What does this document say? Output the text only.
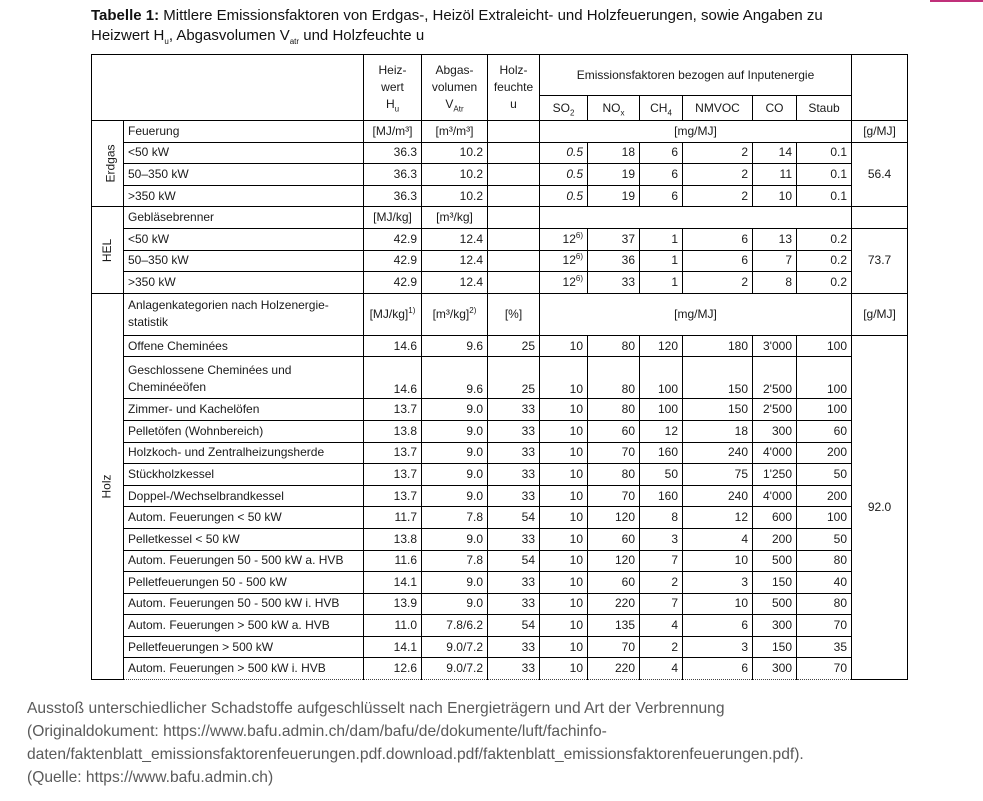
Tabelle 1: Mittlere Emissionsfaktoren von Erdgas-, Heizöl Extraleicht- und Holzfeuerungen, sowie Angaben zu
Heizwert $H_u$, Abgasvolumen $V_{atr}$ und Holzfeuchte u
		Heiz-
wert
$H_u$	Abgas-
volumen
$V_{Atr}$	Holz-
feuchte
u	Emissionsfaktoren bezogen auf Inputenergie						
					$SO_2$	$NO_x$	$CH_4$	NMVOC	CO	Staub	
Erdgas	Feuerung	[MJ/m³]	[m³/m³]		[mg/MJ]						[g/MJ]
	<50 kW	36.3	10.2		0.5	18	6	2	14	0.1	56.4
	50–350 kW	36.3	10.2		0.5	19	6	2	11	0.1	
	>350 kW	36.3	10.2		0.5	19	6	2	10	0.1	
HEL	Gebläsebrenner	[MJ/kg]	[m³/kg]								
	<50 kW	42.9	12.4		12$^{6)}$	37	1	6	13	0.2	73.7
	50–350 kW	42.9	12.4		12$^{6)}$	36	1	6	7	0.2	
	>350 kW	42.9	12.4		12$^{6)}$	33	1	2	8	0.2	
Holz	Anlagenkategorien nach Holzenergie-statistik	$[MJ/kg]^{1)}$	$[m^3/kg]^{2)}$	[%]	[mg/MJ]						[g/MJ]
	Offene Cheminées	14.6	9.6	25	10	80	120	180	3'000	100	92.0
	Geschlossene Cheminées und Cheminéeöfen	14.6	9.6	25	10	80	100	150	2'500	100	
	Zimmer- und Kachelöfen	13.7	9.0	33	10	80	100	150	2'500	100	
	Pelletöfen (Wohnbereich)	13.8	9.0	33	10	60	12	18	300	60	
	Holzkoch- und Zentralheizungsherde	13.7	9.0	33	10	70	160	240	4'000	200	
	Stückholzkessel	13.7	9.0	33	10	80	50	75	1'250	50	
	Doppel-/Wechselbrandkessel	13.7	9.0	33	10	70	160	240	4'000	200	
	Autom. Feuerungen < 50 kW	11.7	7.8	54	10	120	8	12	600	100	
	Pelletkessel < 50 kW	13.8	9.0	33	10	60	3	4	200	50	
	Autom. Feuerungen 50 - 500 kW a. HVB	11.6	7.8	54	10	120	7	10	500	80	
	Pelletfeuerungen 50 - 500 kW	14.1	9.0	33	10	60	2	3	150	40	
	Autom. Feuerungen 50 - 500 kW i. HVB	13.9	9.0	33	10	220	7	10	500	80	
	Autom. Feuerungen > 500 kW a. HVB	11.0	7.8/6.2	54	10	135	4	6	300	70	
	Pelletfeuerungen > 500 kW	14.1	9.0/7.2	33	10	70	2	3	150	35	
	Autom. Feuerungen > 500 kW i. HVB	12.6	9.0/7.2	33	10	220	4	6	300	70	
Ausstoß unterschiedlicher Schadstoffe aufgeschlüsselt nach Energieträgern und Art der Verbrennung
(Originaldokument: https://www.bafu.admin.ch/dam/bafu/de/dokumente/luft/fachinfo-
daten/faktenblatt_emissionsfaktorenfeuerungen.pdf.download.pdf/faktenblatt_emissionsfaktorenfeuerungen.pdf).
(Quelle: https://www.bafu.admin.ch)
